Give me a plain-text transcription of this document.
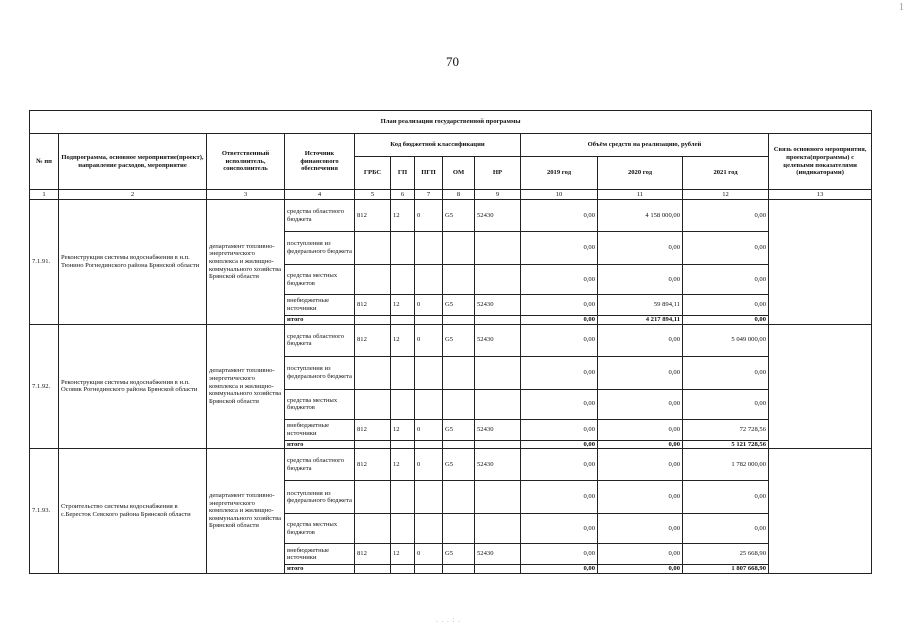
1
70
План реализации государственной программы												
№ пп	Подпрограмма, основное мероприятие(проект), направление расходов, мероприятие	Ответственный исполнитель, соисполнитель	Источник финансового обеспечения	Код бюджетной классификации					Объём средств на реализацию, рублей			Связь основного мероприятия, проекта(программы) с целевыми показателями (индикаторами)
				ГРБС	ГП	ПГП	ОМ	НР	2019 год	2020 год	2021 год	
1	2	3	4	5	6	7	8	9	10	11	12	13
7.1.91.	Реконструкция системы водоснабжения в н.п. Тюнино Рогнединского района Брянской области	департамент топливно-энергетического комплекса и жилищно-коммунального хозяйства Брянской области	средства областного бюджета	812	12	0	G5	52430	0,00	4 158 000,00	0,00	
			поступления из федерального бюджета						0,00	0,00	0,00	
			средства местных бюджетов						0,00	0,00	0,00	
			внебюджетные источники	812	12	0	G5	52430	0,00	59 894,11	0,00	
			итого						0,00	4 217 894,11	0,00	
7.1.92.	Реконструкция системы водоснабжения в н.п. Осовик Рогнединского района Брянской области	департамент топливно-энергетического комплекса и жилищно-коммунального хозяйства Брянской области	средства областного бюджета	812	12	0	G5	52430	0,00	0,00	5 049 000,00	
			поступления из федерального бюджета						0,00	0,00	0,00	
			средства местных бюджетов						0,00	0,00	0,00	
			внебюджетные источники	812	12	0	G5	52430	0,00	0,00	72 728,56	
			итого						0,00	0,00	5 121 728,56	
7.1.93.	Строительство системы водоснабжения в с.Бересток Севского района Брянской области	департамент топливно-энергетического комплекса и жилищно-коммунального хозяйства Брянской области	средства областного бюджета	812	12	0	G5	52430	0,00	0,00	1 782 000,00	
			поступления из федерального бюджета						0,00	0,00	0,00	
			средства местных бюджетов						0,00	0,00	0,00	
			внебюджетные источники	812	12	0	G5	52430	0,00	0,00	25 668,90	
			итого						0,00	0,00	1 807 668,90	
. . . : .
